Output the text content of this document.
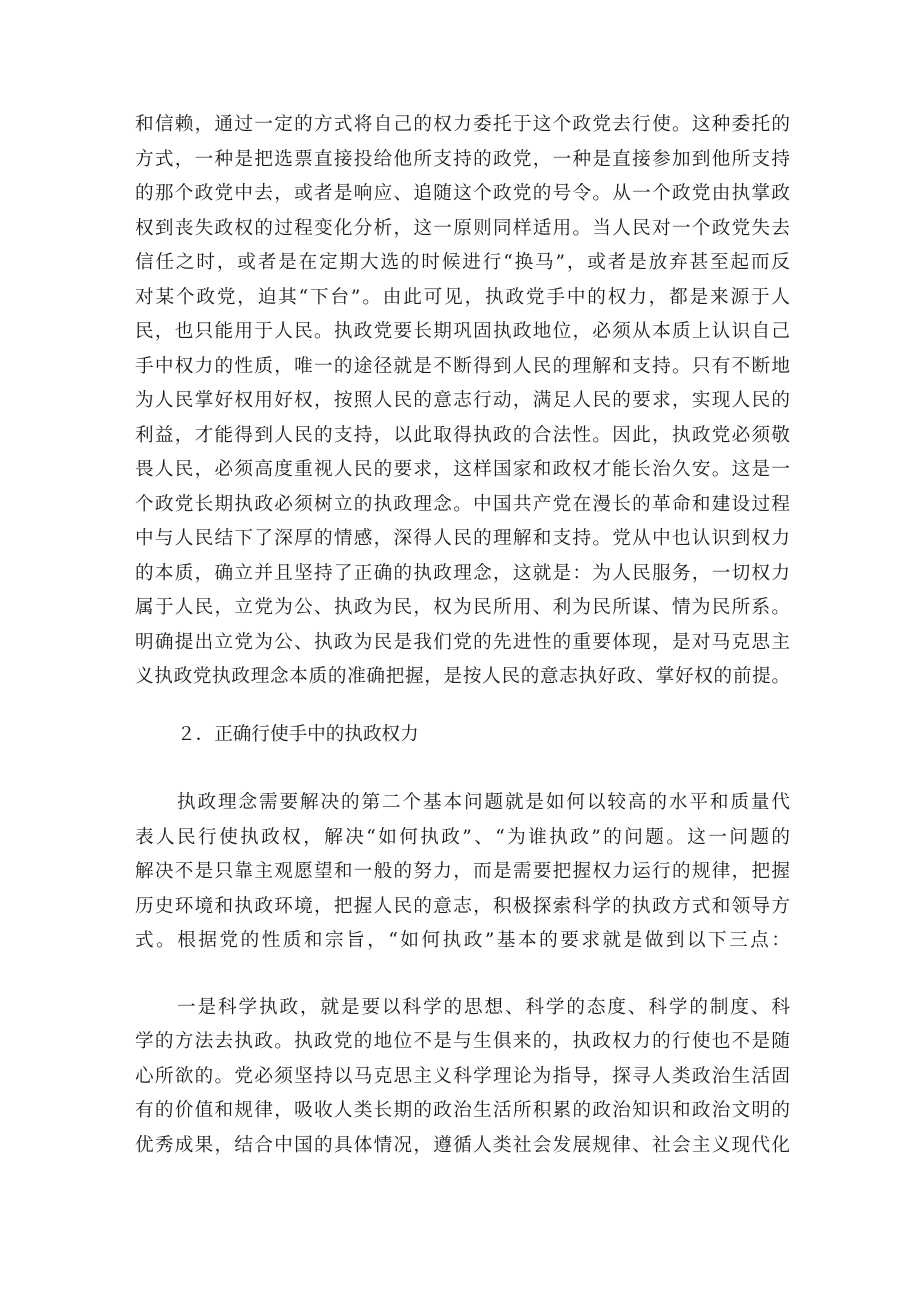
和信赖，通过一定的方式将自己的权力委托于这个政党去行使。这种委托的
方式，一种是把选票直接投给他所支持的政党，一种是直接参加到他所支持
的那个政党中去，或者是响应、追随这个政党的号令。从一个政党由执掌政
权到丧失政权的过程变化分析，这一原则同样适用。当人民对一个政党失去
信任之时，或者是在定期大选的时候进行“换马”，或者是放弃甚至起而反
对某个政党，迫其“下台”。由此可见，执政党手中的权力，都是来源于人
民，也只能用于人民。执政党要长期巩固执政地位，必须从本质上认识自己
手中权力的性质，唯一的途径就是不断得到人民的理解和支持。只有不断地
为人民掌好权用好权，按照人民的意志行动，满足人民的要求，实现人民的
利益，才能得到人民的支持，以此取得执政的合法性。因此，执政党必须敬
畏人民，必须高度重视人民的要求，这样国家和政权才能长治久安。这是一
个政党长期执政必须树立的执政理念。中国共产党在漫长的革命和建设过程
中与人民结下了深厚的情感，深得人民的理解和支持。党从中也认识到权力
的本质，确立并且坚持了正确的执政理念，这就是：为人民服务，一切权力
属于人民，立党为公、执政为民，权为民所用、利为民所谋、情为民所系。
明确提出立党为公、执政为民是我们党的先进性的重要体现，是对马克思主
义执政党执政理念本质的准确把握，是按人民的意志执好政、掌好权的前提。
２．正确行使手中的执政权力
执政理念需要解决的第二个基本问题就是如何以较高的水平和质量代
表人民行使执政权，解决“如何执政”、“为谁执政”的问题。这一问题的
解决不是只靠主观愿望和一般的努力，而是需要把握权力运行的规律，把握
历史环境和执政环境，把握人民的意志，积极探索科学的执政方式和领导方
式。根据党的性质和宗旨，“如何执政”基本的要求就是做到以下三点：
一是科学执政，就是要以科学的思想、科学的态度、科学的制度、科
学的方法去执政。执政党的地位不是与生俱来的，执政权力的行使也不是随
心所欲的。党必须坚持以马克思主义科学理论为指导，探寻人类政治生活固
有的价值和规律，吸收人类长期的政治生活所积累的政治知识和政治文明的
优秀成果，结合中国的具体情况，遵循人类社会发展规律、社会主义现代化
